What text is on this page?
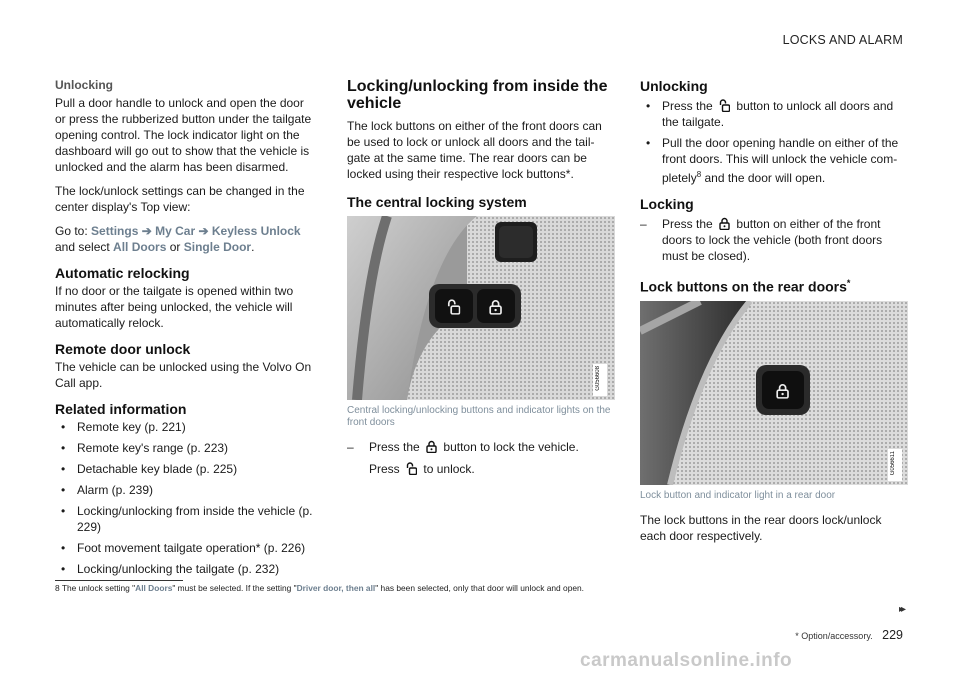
LOCKS AND ALARM
Unlocking

Pull a door handle to unlock and open the door or press the rubberized button under the tailgate opening control. The lock indicator light on the dashboard will go out to show that the vehicle is unlocked and the alarm has been disarmed.

The lock/unlock settings can be changed in the center display's Top view:

Go to: Settings ➔ My Car ➔ Keyless Unlock
and select All Doors or Single Door.
Automatic relocking

If no door or the tailgate is opened within two minutes after being unlocked, the vehicle will automatically relock.

Remote door unlock

The vehicle can be unlocked using the Volvo On Call app.

Related information
• Remote key (p. 221)
• Remote key's range (p. 223)
• Detachable key blade (p. 225)
• Alarm (p. 239)
• Locking/unlocking from inside the vehicle (p. 229)
• Foot movement tailgate operation* (p. 226)
• Locking/unlocking the tailgate (p. 232)
Locking/unlocking from inside the vehicle

The lock buttons on either of the front doors can be used to lock or unlock all doors and the tail-gate at the same time. The rear doors can be locked using their respective lock buttons*.

The central locking system
G056608
Central locking/unlocking buttons and indicator lights on the front doors
– Press the button to lock the vehicle.
Press to unlock.
Unlocking
• Press the button to unlock all doors and the tailgate.
• Pull the door opening handle on either of the front doors. This will unlock the vehicle com-pletely$^8$ and the door will open.
Locking
– Press the button on either of the front doors to lock the vehicle (both front doors must be closed).
Lock buttons on the rear doors*
G056611
Lock button and indicator light in a rear door

The lock buttons in the rear doors lock/unlock each door respectively.

8 The unlock setting "All Doors" must be selected. If the setting "Driver door, then all" has been selected, only that door will unlock and open.
▸▸
* Option/accessory. 229
carmanualsonline.info
